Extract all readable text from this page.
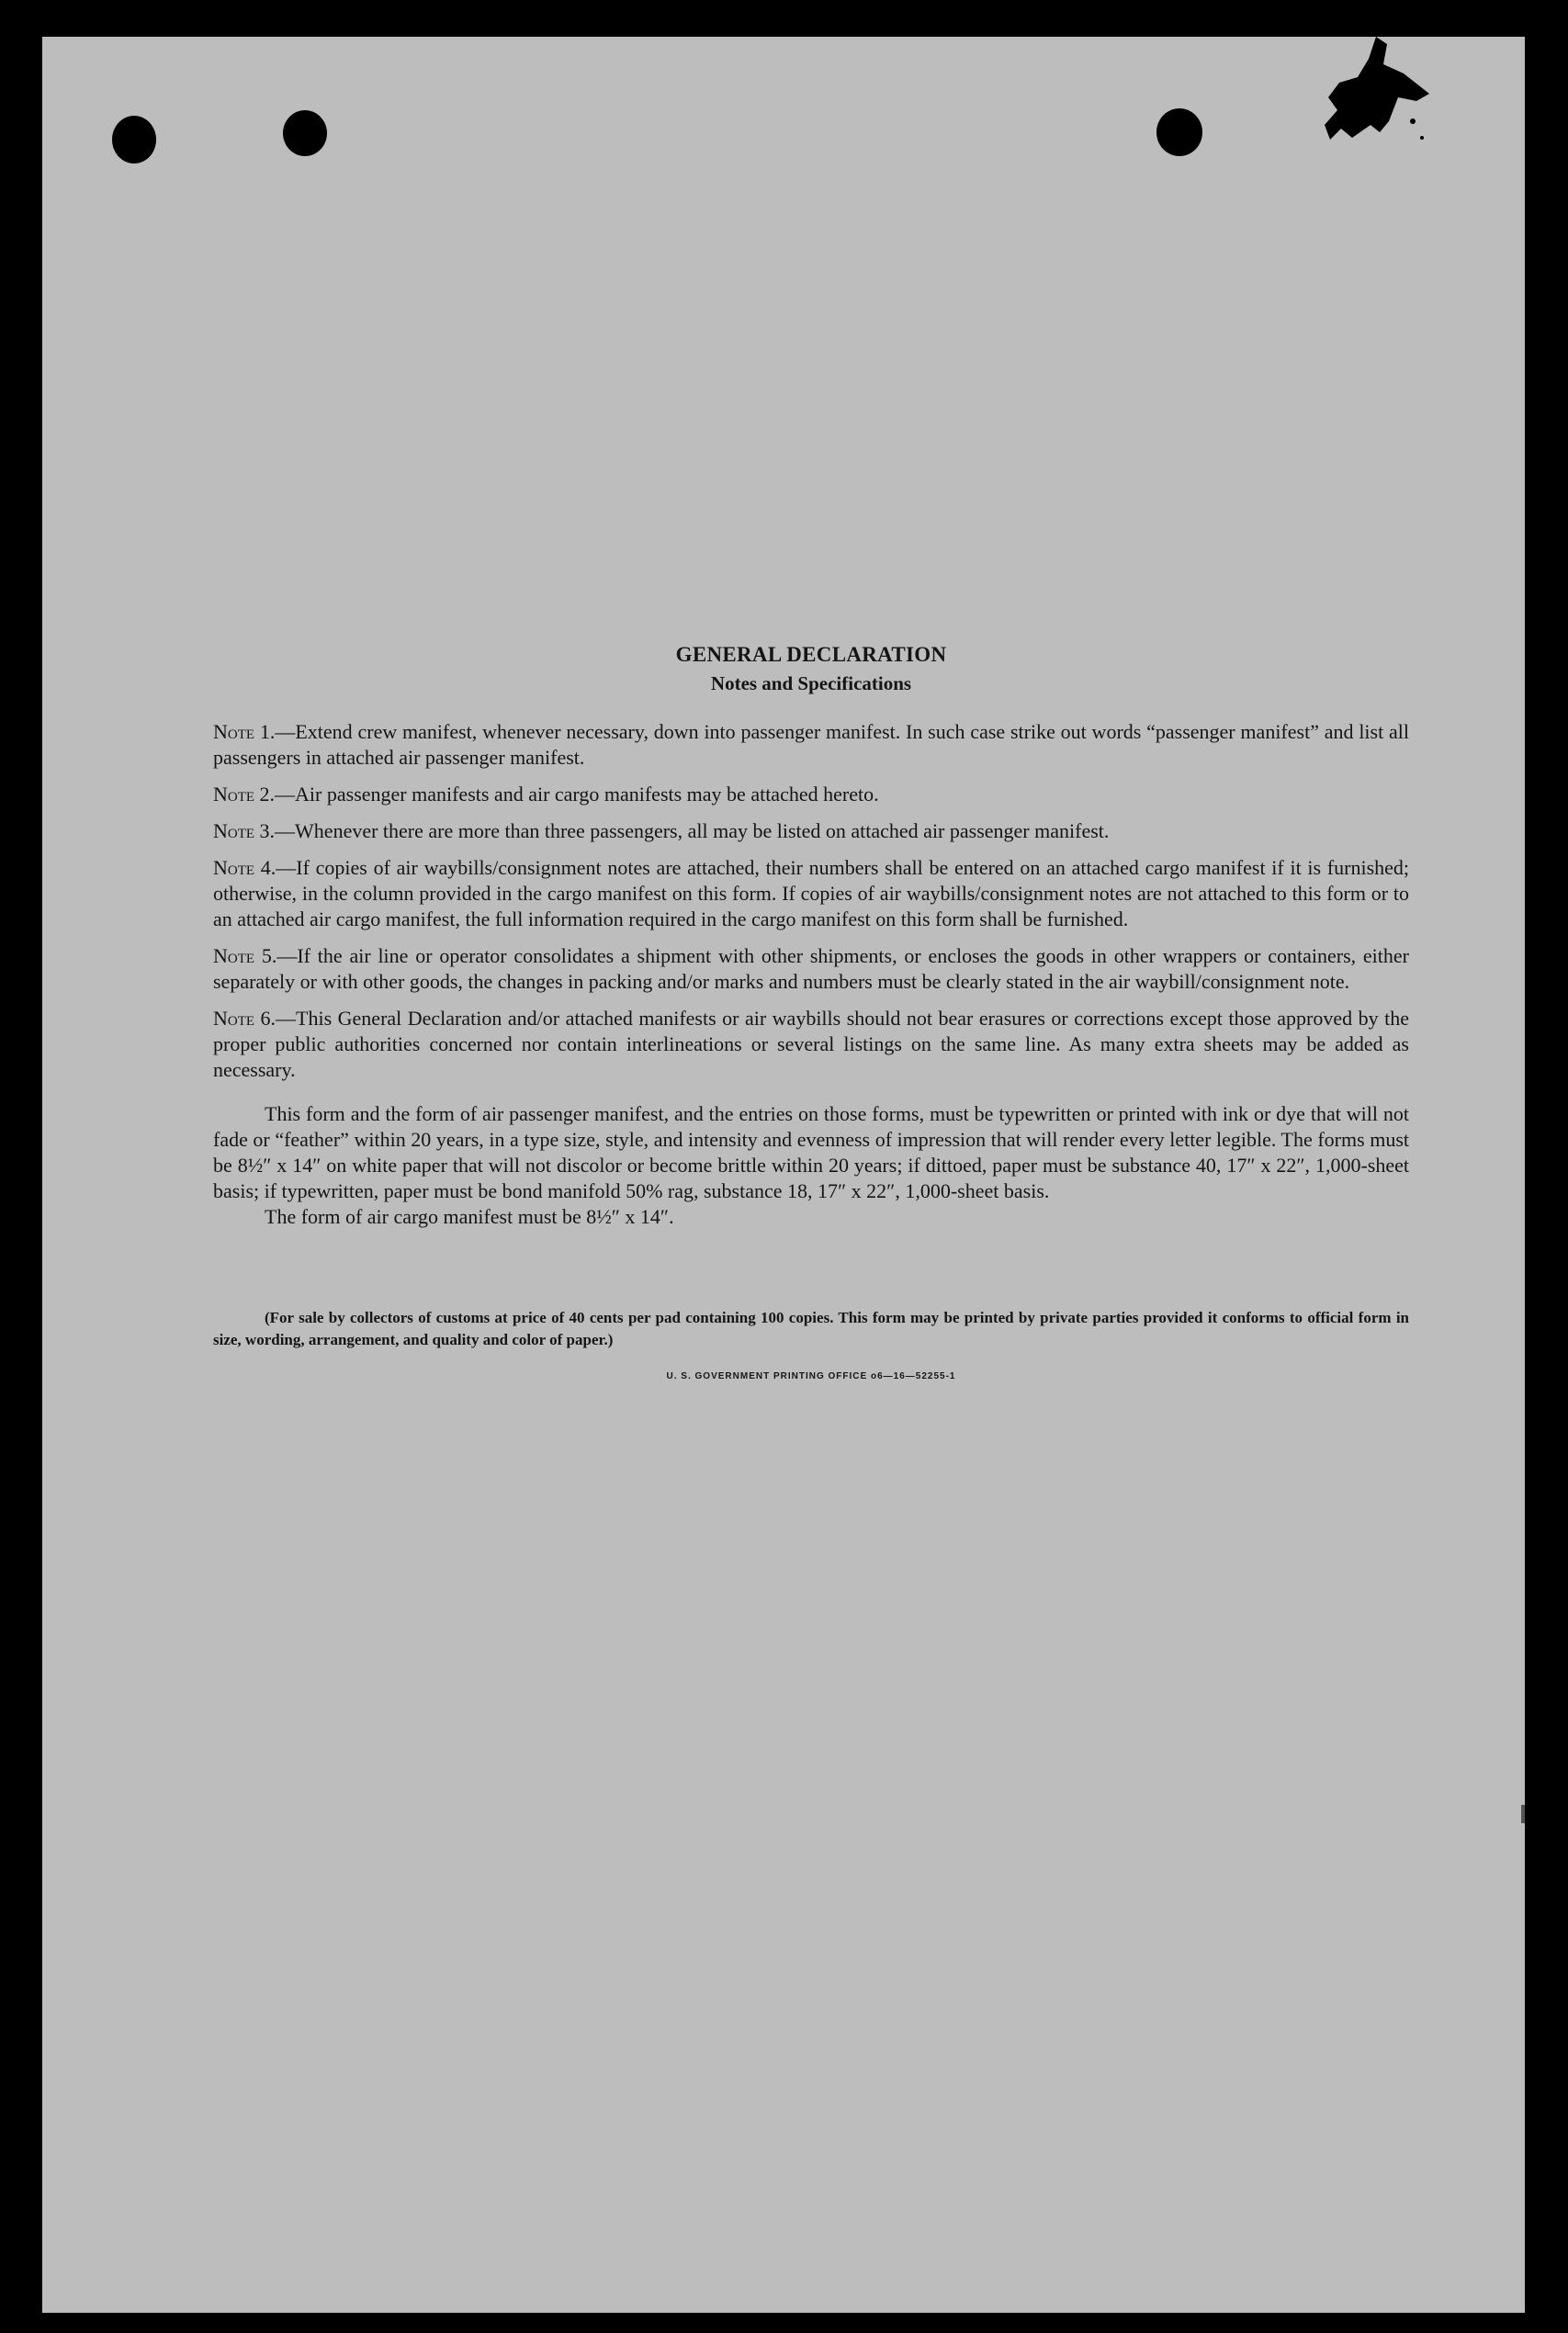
GENERAL DECLARATION
Notes and Specifications
Note 1.—Extend crew manifest, whenever necessary, down into passenger manifest. In such case strike out words “passenger manifest” and list all passengers in attached air passenger manifest.
Note 2.—Air passenger manifests and air cargo manifests may be attached hereto.
Note 3.—Whenever there are more than three passengers, all may be listed on attached air passenger manifest.
Note 4.—If copies of air waybills/consignment notes are attached, their numbers shall be entered on an attached cargo manifest if it is furnished; otherwise, in the column provided in the cargo manifest on this form. If copies of air waybills/consignment notes are not attached to this form or to an attached air cargo manifest, the full information required in the cargo manifest on this form shall be furnished.
Note 5.—If the air line or operator consolidates a shipment with other shipments, or encloses the goods in other wrappers or containers, either separately or with other goods, the changes in packing and/or marks and numbers must be clearly stated in the air waybill/consignment note.
Note 6.—This General Declaration and/or attached manifests or air waybills should not bear erasures or corrections except those approved by the proper public authorities concerned nor contain interlineations or several listings on the same line. As many extra sheets may be added as necessary.

This form and the form of air passenger manifest, and the entries on those forms, must be typewritten or printed with ink or dye that will not fade or “feather” within 20 years, in a type size, style, and intensity and evenness of impression that will render every letter legible. The forms must be 8½″ x 14″ on white paper that will not discolor or become brittle within 20 years; if dittoed, paper must be substance 40, 17″ x 22″, 1,000-sheet basis; if typewritten, paper must be bond manifold 50% rag, substance 18, 17″ x 22″, 1,000-sheet basis.

The form of air cargo manifest must be 8½″ x 14″.

(For sale by collectors of customs at price of 40 cents per pad containing 100 copies. This form may be printed by private parties provided it conforms to official form in size, wording, arrangement, and quality and color of paper.)
U. S. GOVERNMENT PRINTING OFFICE o6—16—52255-1
